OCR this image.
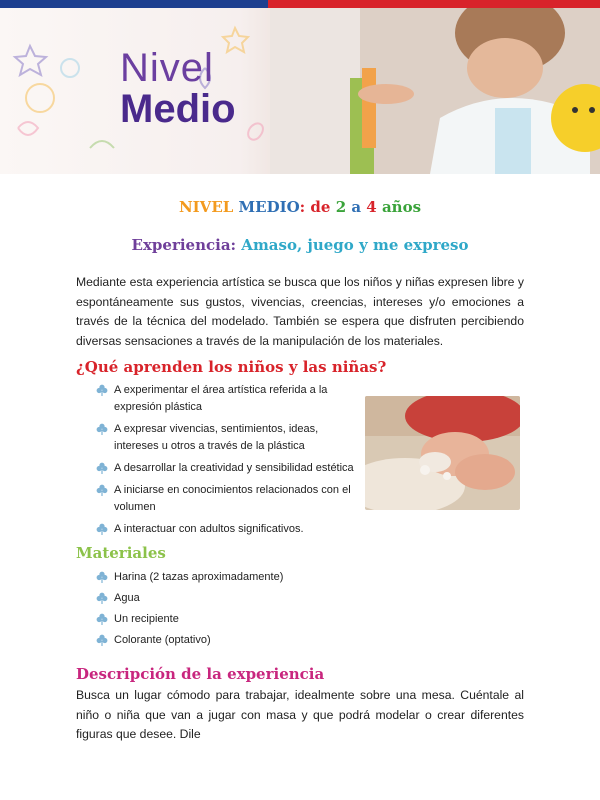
Nivel
Medio
NIVEL MEDIO: de 2 a 4 años
Experiencia: Amaso, juego y me expreso
Mediante esta experiencia artística se busca que los niños y niñas expresen libre y espontáneamente sus gustos, vivencias, creencias, intereses y/o emociones a través de la técnica del modelado. También se espera que disfruten percibiendo diversas sensaciones a través de la manipulación de los materiales.
¿Qué aprenden los niños y las niñas?
A experimentar el área artística referida a la expresión plástica
A expresar vivencias, sentimientos, ideas, intereses u otros a través de la plástica
A desarrollar la creatividad y sensibilidad estética
A iniciarse en conocimientos relacionados con el volumen
A interactuar con adultos significativos.
Materiales
Harina (2 tazas aproximadamente)
Agua
Un recipiente
Colorante (optativo)
Descripción de la experiencia
Busca un lugar cómodo para trabajar, idealmente sobre una mesa. Cuéntale al niño o niña que van a jugar con masa y que podrá modelar o crear diferentes figuras que desee. Dile
